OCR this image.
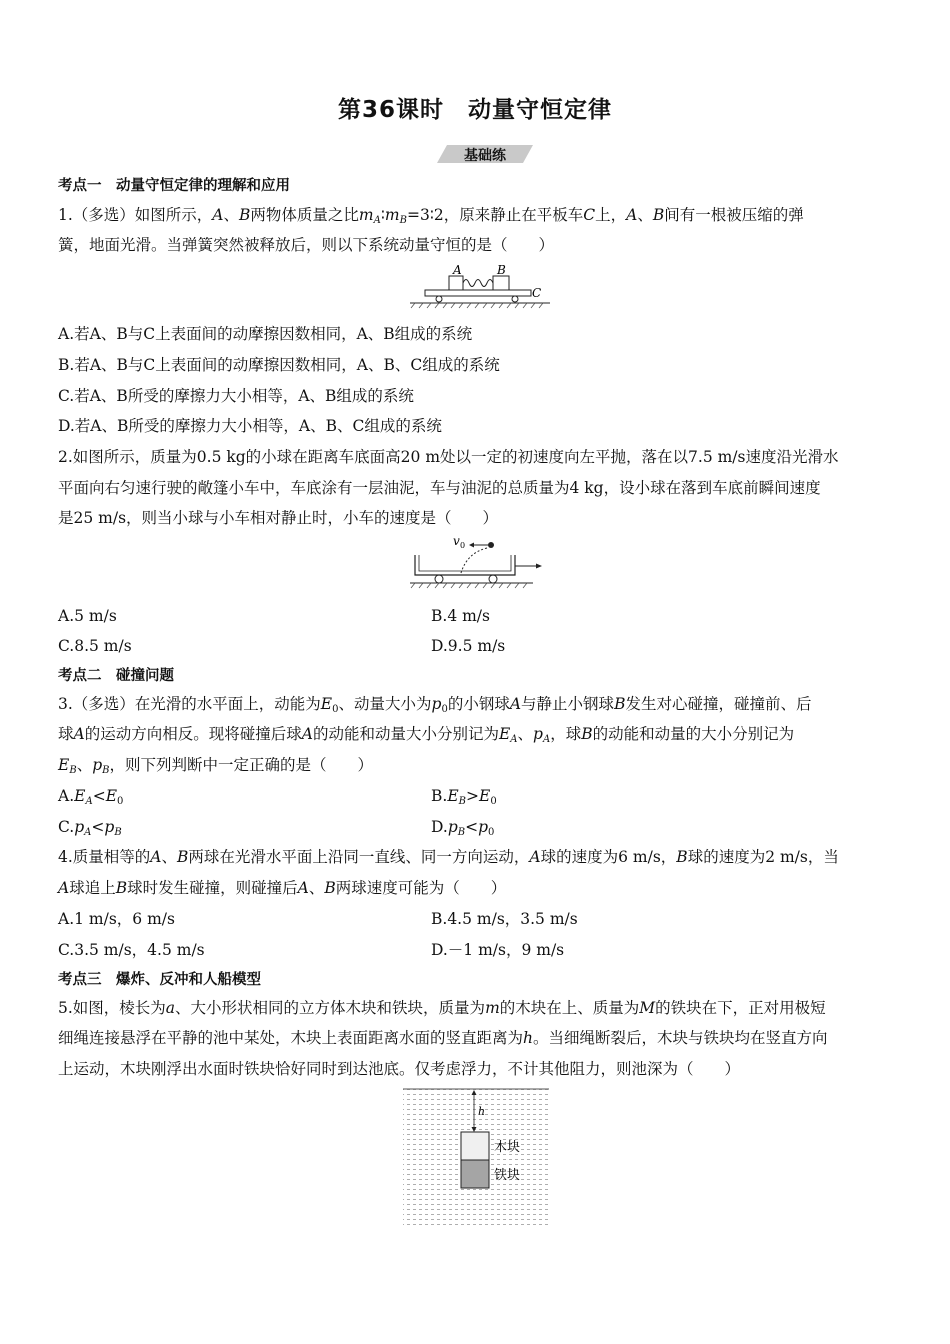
第36课时　动量守恒定律
基础练
考点一　动量守恒定律的理解和应用
1.（多选）如图所示，A、B两物体质量之比$m_A∶m_B=3∶2$，原来静止在平板车C上，A、B间有一根被压缩的弹
簧，地面光滑。当弹簧突然被释放后，则以下系统动量守恒的是（　　）
A	B
C
A.若A、B与C上表面间的动摩擦因数相同，A、B组成的系统
B.若A、B与C上表面间的动摩擦因数相同，A、B、C组成的系统
C.若A、B所受的摩擦力大小相等，A、B组成的系统
D.若A、B所受的摩擦力大小相等，A、B、C组成的系统
2.如图所示，质量为0.5 kg的小球在距离车底面高20 m处以一定的初速度向左平抛，落在以7.5 m/s速度沿光滑水
平面向右匀速行驶的敞篷小车中，车底涂有一层油泥，车与油泥的总质量为4 kg，设小球在落到车底前瞬间速度
是25 m/s，则当小球与小车相对静止时，小车的速度是（　　）
v 0
A.5 m/s	B.4 m/s
C.8.5 m/s	D.9.5 m/s
考点二　碰撞问题
3.（多选）在光滑的水平面上，动能为$E_0$、动量大小为$p_0$的小钢球A与静止小钢球B发生对心碰撞，碰撞前、后
球A的运动方向相反。现将碰撞后球A的动能和动量大小分别记为$E_A$、$p_A$，球B的动能和动量的大小分别记为
$E_B$、$p_B$，则下列判断中一定正确的是（　　）
$A.E_A<E_0$	$B.E_B>E_0$
$C.p_A<p_B$	$D.p_B<p_0$
4.质量相等的A、B两球在光滑水平面上沿同一直线、同一方向运动，A球的速度为6 m/s，B球的速度为2 m/s，当
A球追上B球时发生碰撞，则碰撞后A、B两球速度可能为（　　）
A.1 m/s，6 m/s	B.4.5 m/s，3.5 m/s
C.3.5 m/s，4.5 m/s	D.－1 m/s，9 m/s
考点三　爆炸、反冲和人船模型
5.如图，棱长为a、大小形状相同的立方体木块和铁块，质量为m的木块在上、质量为M的铁块在下，正对用极短
细绳连接悬浮在平静的池中某处，木块上表面距离水面的竖直距离为h。当细绳断裂后，木块与铁块均在竖直方向
上运动，木块刚浮出水面时铁块恰好同时到达池底。仅考虑浮力，不计其他阻力，则池深为（　　）
h
木块
铁块
